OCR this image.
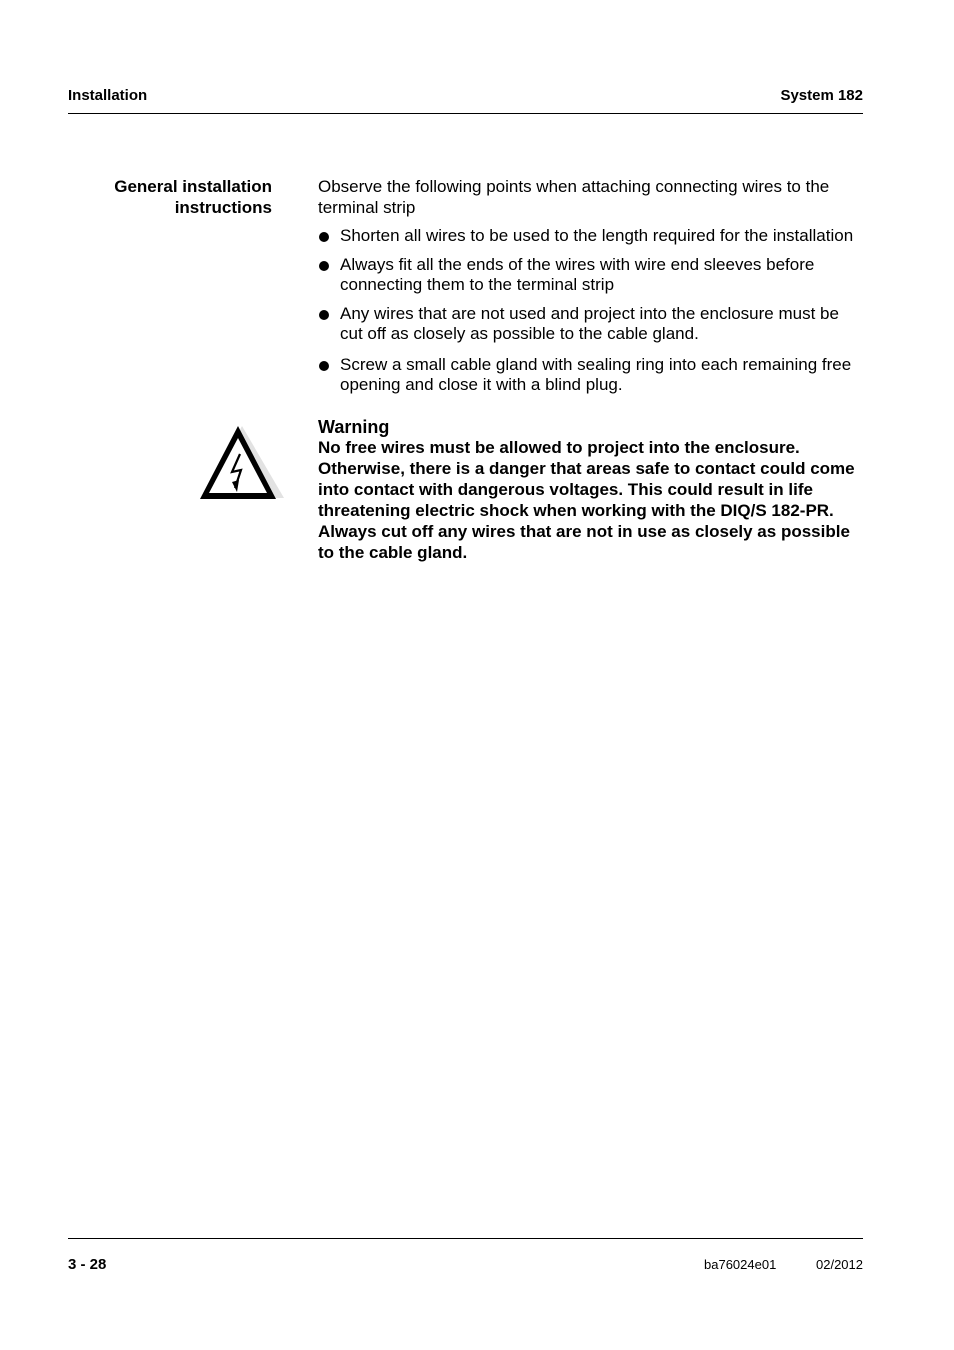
Installation	System 182
General installation
instructions
Observe the following points when attaching connecting wires to the terminal strip
Shorten all wires to be used to the length required for the installation
Always fit all the ends of the wires with wire end sleeves before connecting them to the terminal strip
Any wires that are not used and project into the enclosure must be cut off as closely as possible to the cable gland.
Screw a small cable gland with sealing ring into each remaining free opening and close it with a blind plug.
Warning
No free wires must be allowed to project into the enclosure. Otherwise, there is a danger that areas safe to contact could come into contact with dangerous voltages. This could result in life threatening electric shock when working with the DIQ/S 182-PR. Always cut off any wires that are not in use as closely as possible to the cable gland.
3 - 28	ba76024e01	02/2012
